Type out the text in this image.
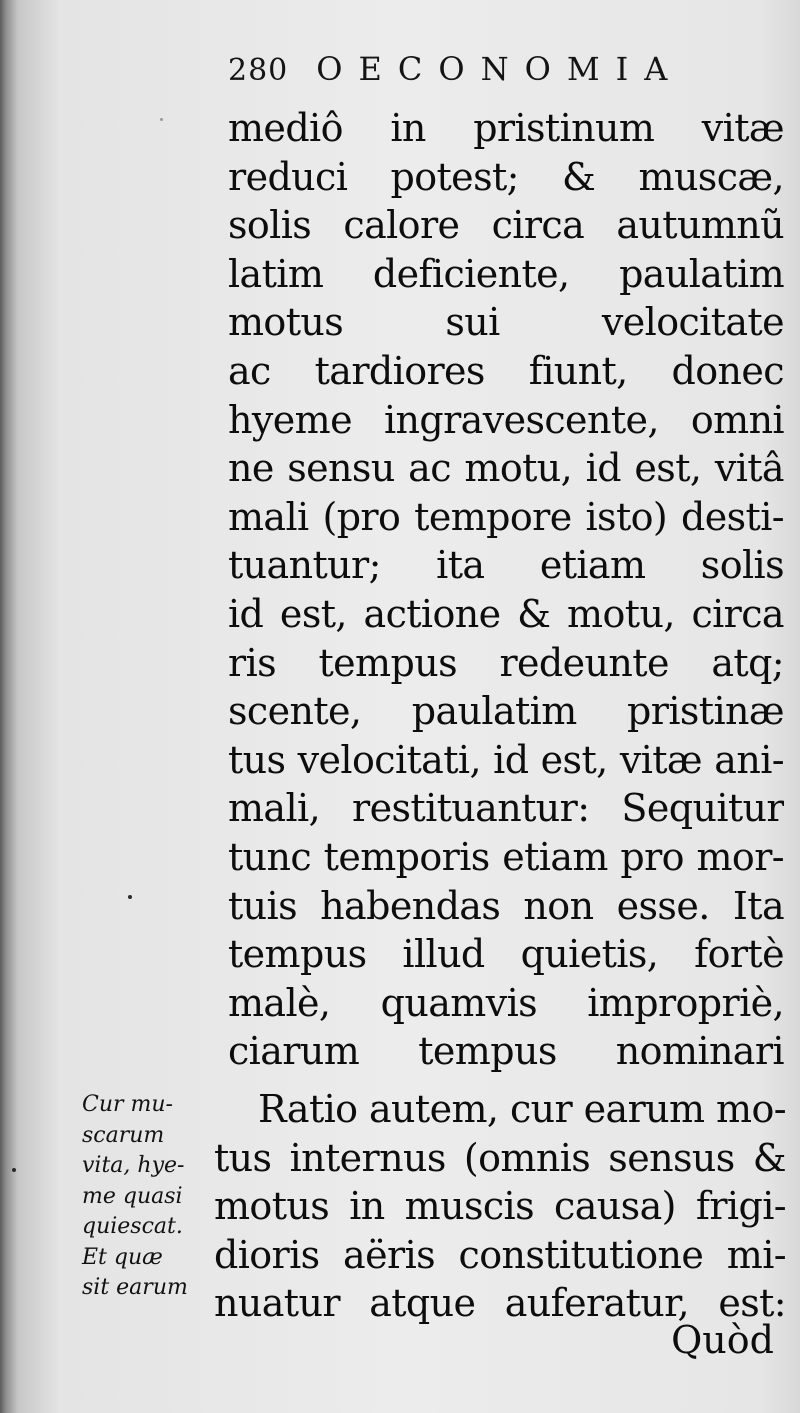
280 OECONOMIA
mediô in pristinum vitæ
reduci potest; & muscæ,
solis calore circa autumnũ
latim deficiente, paulatim
motus sui velocitate
ac tardiores fiunt, donec
hyeme ingravescente, omni
ne sensu ac motu, id est, vitâ
mali (pro tempore isto) desti-
tuantur; ita etiam solis
id est, actione & motu, circa
ris tempus redeunte atq;
scente, paulatim pristinæ
tus velocitati, id est, vitæ ani-
mali, restituantur: Sequitur
tunc temporis etiam pro mor-
tuis habendas non esse. Ita
tempus illud quietis, fortè
malè, quamvis impropriè,
ciarum tempus nominari
Cur mu-
scarum
vita, hye-
me quasi
quiescat.
Et quæ
sit earum
Ratio autem, cur earum mo-
tus internus (omnis sensus &
motus in muscis causa) frigi-
dioris aëris constitutione mi-
nuatur atque auferatur, est:
Quòd
